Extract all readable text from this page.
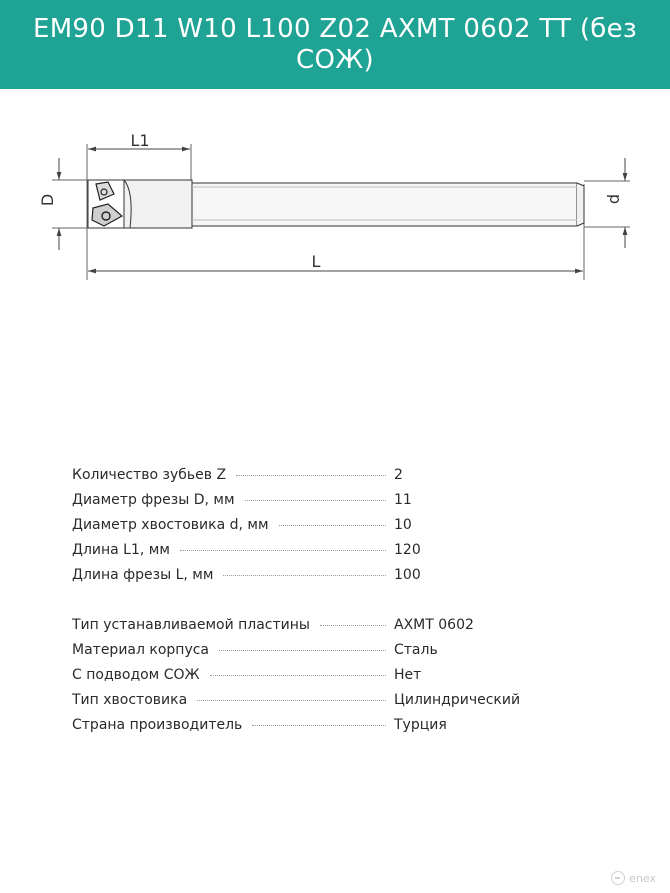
EM90 D11 W10 L100 Z02 AXMT 0602 TT (без СОЖ)
L1
D	d
L
Количество зубьев Z	2
Диаметр фрезы D, мм	11
Диаметр хвостовика d, мм	10
Длина L1, мм	120
Длина фрезы L, мм	100
Тип устанавливаемой пластины	AXMT 0602
Материал корпуса	Сталь
С подводом СОЖ	Нет
Тип хвостовика	Цилиндрический
Страна производитель	Турция
enex
